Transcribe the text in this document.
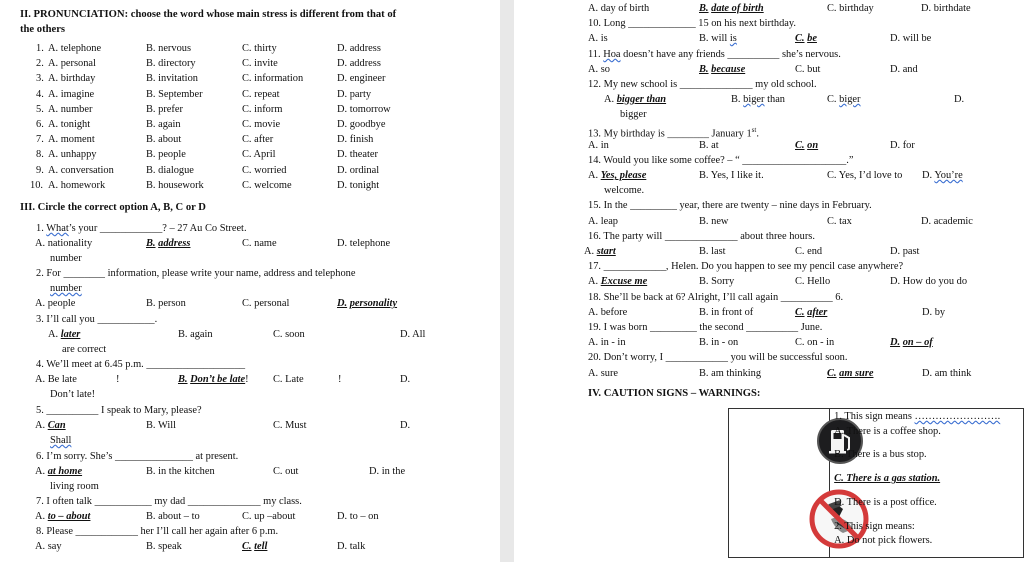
II. PRONUNCIATION: choose the word whose main stress is different from that of
the others
1. A. telephone	B. nervous	C. thirty	D. address
2. A. personal	B. directory	C. invite	D. address
3. A. birthday	B. invitation	C. information	D. engineer
4. A. imagine	B. September	C. repeat	D. party
5. A. number	B. prefer	C. inform	D. tomorrow
6. A. tonight	B. again	C. movie	D. goodbye
7. A. moment	B. about	C. after	D. finish
8. A. unhappy	B. people	C. April	D. theater
9. A. conversation	B. dialogue	C. worried	D. ordinal
10. A. homework	B. housework	C. welcome	D. tonight
III. Circle the correct option A, B, C or D
1. What’s your ____________? – 27 Au Co Street.
A. nationality	B. address	C. name	D. telephone
number
2. For ________ information, please write your name, address and telephone
number
A. people	B. person	C. personal	D. personality
3. I’ll call you ___________.
A. later	B. again	C. soon	D. All
are correct
4. We’ll meet at 6.45 p.m. ___________________
A. Be late	!	B. Don’t be late! C. Late	!	D.
Don’t late!
5. __________ I speak to Mary, please?
A. Can	B. Will	C. Must	D.
Shall
6. I’m sorry. She’s _______________ at present.
A. at home	B. in the kitchen	C. out	D. in the
living room
7. I often talk ___________ my dad ______________ my class.
A. to – about	B. about – to	C. up –about	D. to – on
8. Please ____________ her I’ll call her again after 6 p.m.
A. say	B. speak	C. tell	D. talk
A. day of birth	B. date of birth	C. birthday	D. birthdate
10. Long _____________ 15 on his next birthday.
A. is	B. will is	C. be	D. will be
11. Hoa doesn’t have any friends __________ she’s nervous.
A. so	B. because	C. but	D. and
12. My new school is ______________ my old school.
A. bigger than	B. biger than	C. biger	D.
bigger
13. My birthday is ________ January 1st.
A. in	B. at	C. on	D. for
14. Would you like some coffee? – “ ____________________.”
A. Yes, please	B. Yes, I like it.	C. Yes, I’d love to D. You’re
welcome.
15. In the _________ year, there are twenty – nine days in February.
A. leap	B. new	C. tax	D. academic
16. The party will ______________ about three hours.
A. start	B. last	C. end	D. past
17. ____________, Helen. Do you happen to see my pencil case anywhere?
A. Excuse me	B. Sorry	C. Hello	D. How do you do
18. She’ll be back at 6? Alright, I’ll call again __________ 6.
A. before	B. in front of	C. after	D. by
19. I was born _________ the second __________ June.
A. in - in	B. in - on	C. on - in	D. on – of
20. Don’t worry, I ____________ you will be successful soon.
A. sure	B. am thinking	C. am sure	D. am think
IV. CAUTION SIGNS – WARNINGS:

1. This sign means …………………….
A. There is a coffee shop.
B. There is a bus stop.
C. There is a gas station.
D. There is a post office.
2. This sign means:
A. Do not pick flowers.
